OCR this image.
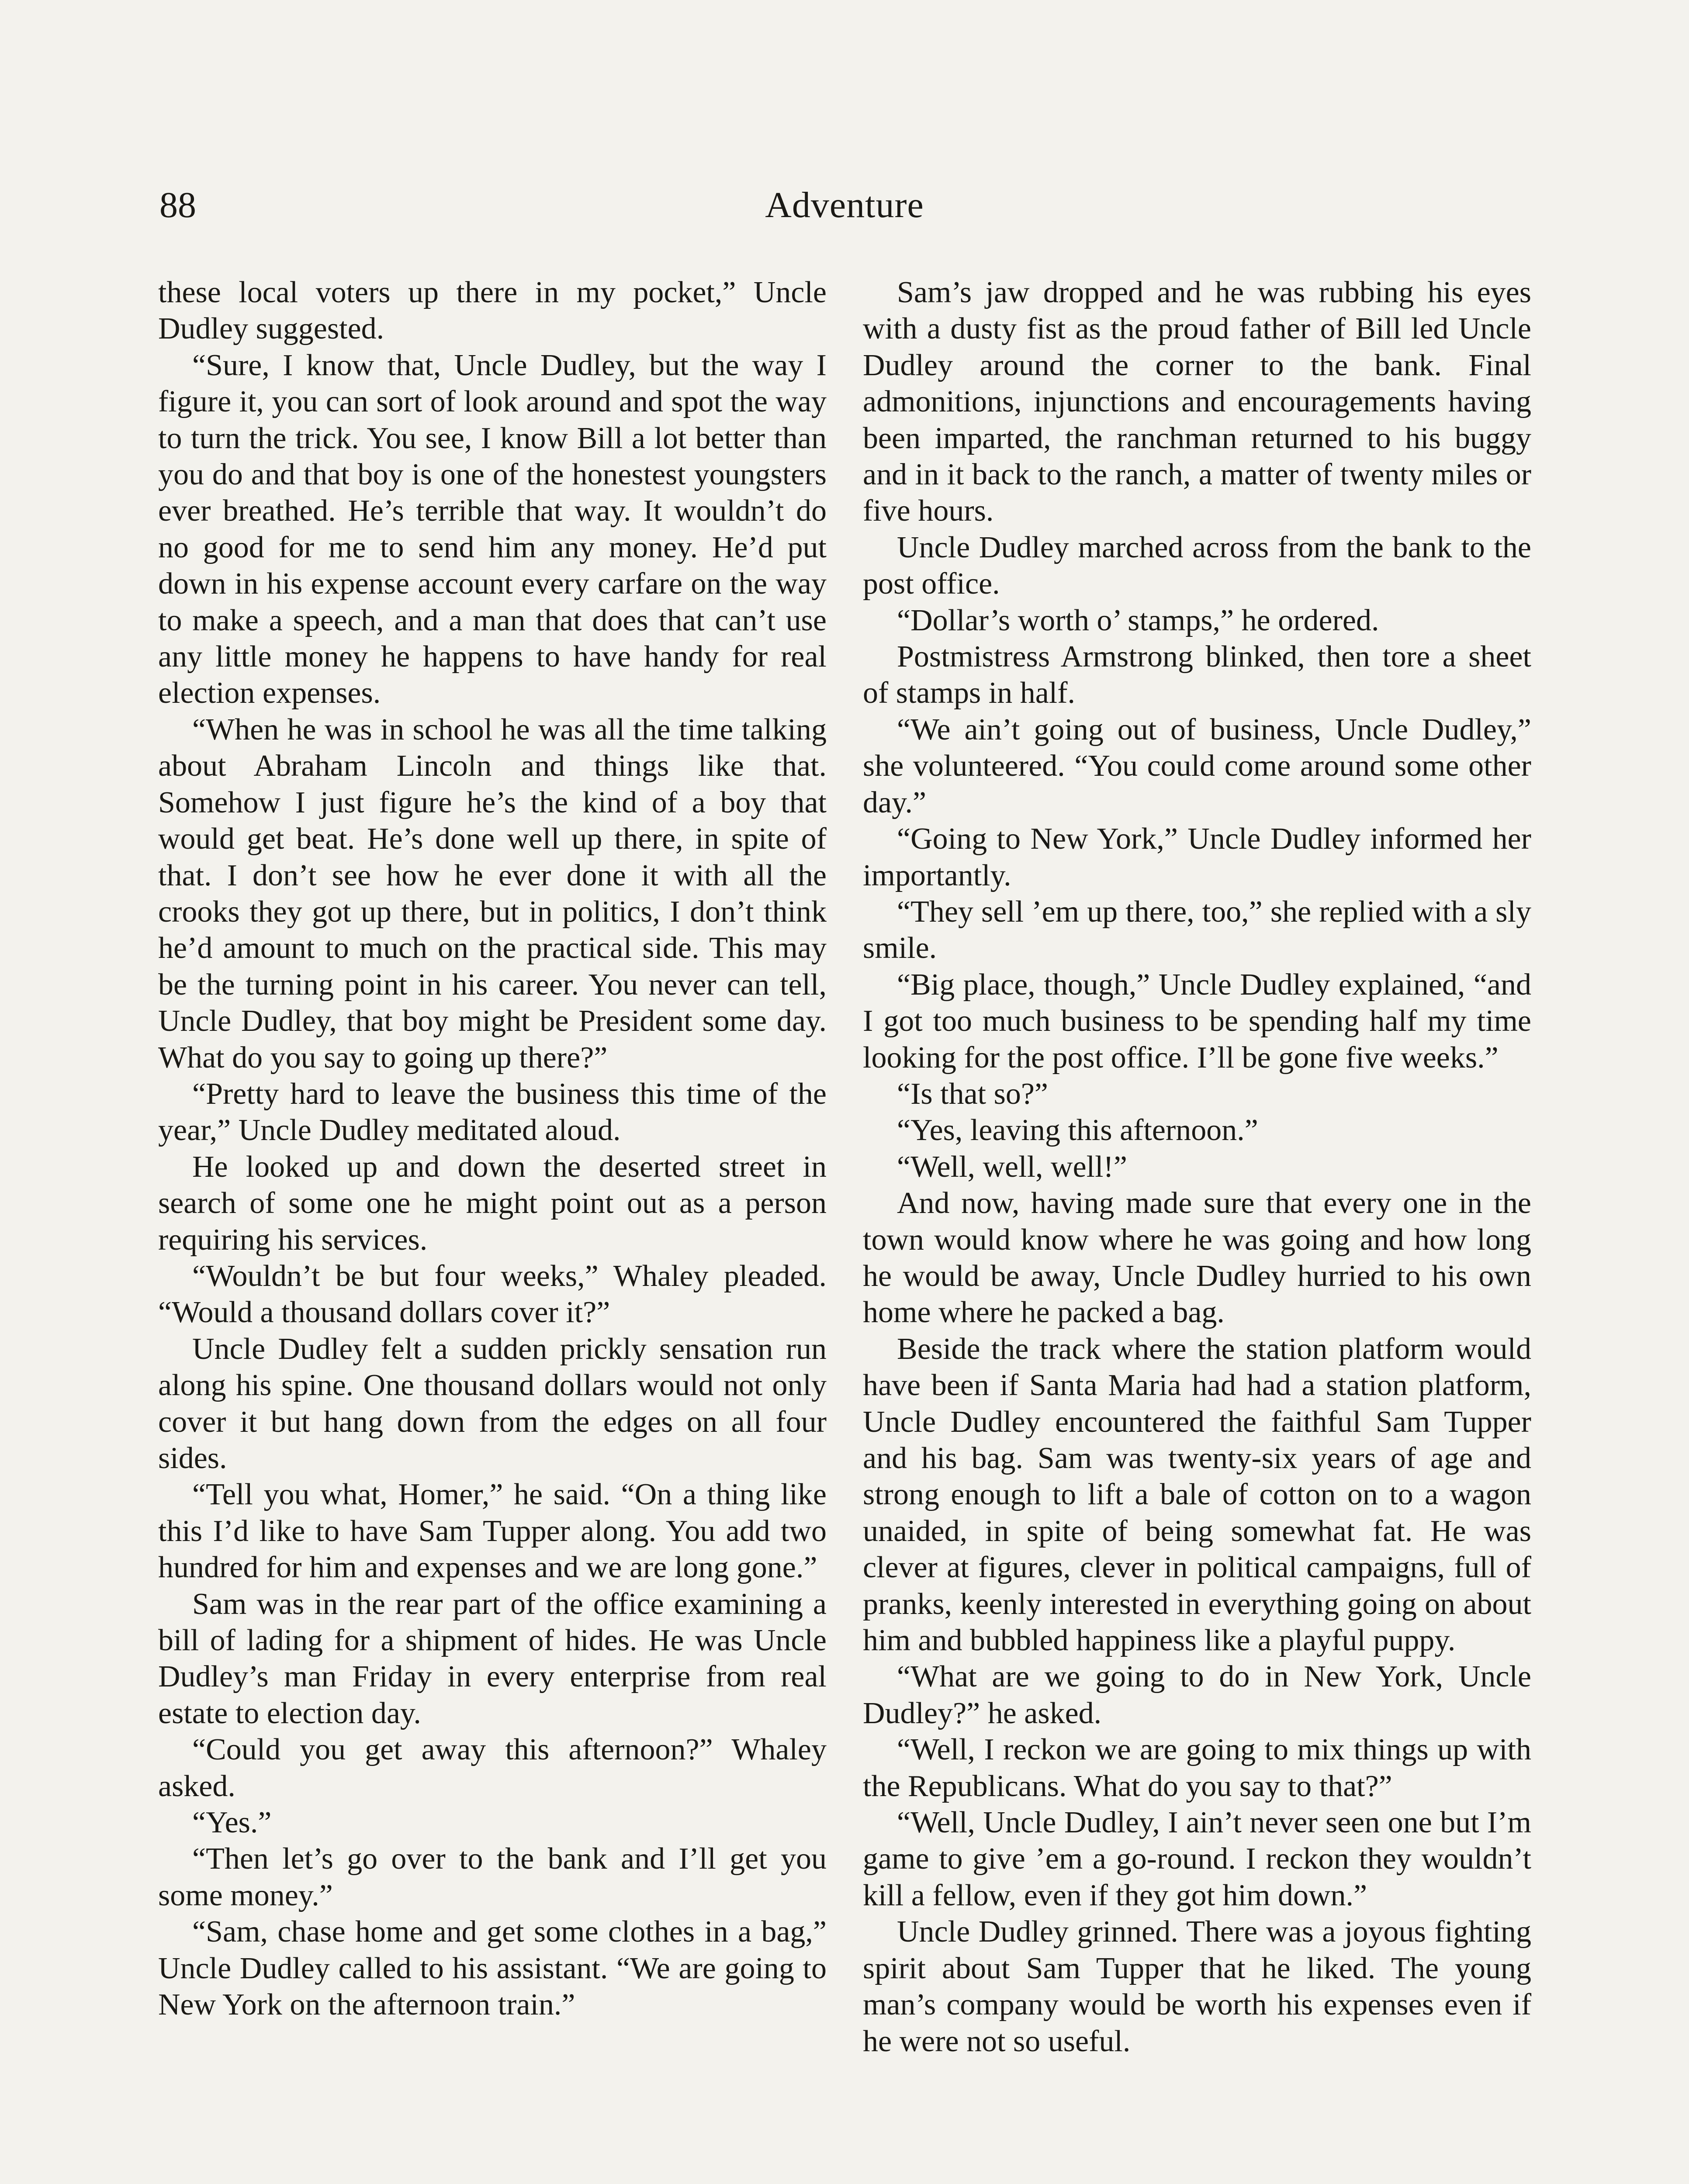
88	Adventure

these local voters up there in my pocket,” Uncle Dudley suggested.

“Sure, I know that, Uncle Dudley, but the way I figure it, you can sort of look around and spot the way to turn the trick. You see, I know Bill a lot better than you do and that boy is one of the honestest youngsters ever breathed. He’s terrible that way. It wouldn’t do no good for me to send him any money. He’d put down in his expense account every carfare on the way to make a speech, and a man that does that can’t use any little money he happens to have handy for real election expenses.

“When he was in school he was all the time talking about Abraham Lincoln and things like that. Somehow I just figure he’s the kind of a boy that would get beat. He’s done well up there, in spite of that. I don’t see how he ever done it with all the crooks they got up there, but in politics, I don’t think he’d amount to much on the practical side. This may be the turning point in his career. You never can tell, Uncle Dudley, that boy might be President some day. What do you say to going up there?”

“Pretty hard to leave the business this time of the year,” Uncle Dudley meditated aloud.

He looked up and down the deserted street in search of some one he might point out as a person requiring his services.

“Wouldn’t be but four weeks,” Whaley pleaded. “Would a thousand dollars cover it?”

Uncle Dudley felt a sudden prickly sensation run along his spine. One thousand dollars would not only cover it but hang down from the edges on all four sides.

“Tell you what, Homer,” he said. “On a thing like this I’d like to have Sam Tupper along. You add two hundred for him and expenses and we are long gone.”

Sam was in the rear part of the office examining a bill of lading for a shipment of hides. He was Uncle Dudley’s man Friday in every enterprise from real estate to election day.

“Could you get away this afternoon?” Whaley asked.

“Yes.”

“Then let’s go over to the bank and I’ll get you some money.”

“Sam, chase home and get some clothes in a bag,” Uncle Dudley called to his assistant. “We are going to New York on the afternoon train.”

Sam’s jaw dropped and he was rubbing his eyes with a dusty fist as the proud father of Bill led Uncle Dudley around the corner to the bank. Final admonitions, injunctions and encouragements having been imparted, the ranchman returned to his buggy and in it back to the ranch, a matter of twenty miles or five hours.

Uncle Dudley marched across from the bank to the post office.

“Dollar’s worth o’ stamps,” he ordered.

Postmistress Armstrong blinked, then tore a sheet of stamps in half.

“We ain’t going out of business, Uncle Dudley,” she volunteered. “You could come around some other day.”

“Going to New York,” Uncle Dudley informed her importantly.

“They sell ’em up there, too,” she replied with a sly smile.

“Big place, though,” Uncle Dudley explained, “and I got too much business to be spending half my time looking for the post office. I’ll be gone five weeks.”

“Is that so?”

“Yes, leaving this afternoon.”

“Well, well, well!”

And now, having made sure that every one in the town would know where he was going and how long he would be away, Uncle Dudley hurried to his own home where he packed a bag.

Beside the track where the station platform would have been if Santa Maria had had a station platform, Uncle Dudley encountered the faithful Sam Tupper and his bag. Sam was twenty-six years of age and strong enough to lift a bale of cotton on to a wagon unaided, in spite of being somewhat fat. He was clever at figures, clever in political campaigns, full of pranks, keenly interested in everything going on about him and bubbled happiness like a playful puppy.

“What are we going to do in New York, Uncle Dudley?” he asked.

“Well, I reckon we are going to mix things up with the Republicans. What do you say to that?”

“Well, Uncle Dudley, I ain’t never seen one but I’m game to give ’em a go-round. I reckon they wouldn’t kill a fellow, even if they got him down.”

Uncle Dudley grinned. There was a joyous fighting spirit about Sam Tupper that he liked. The young man’s company would be worth his expenses even if he were not so useful.
